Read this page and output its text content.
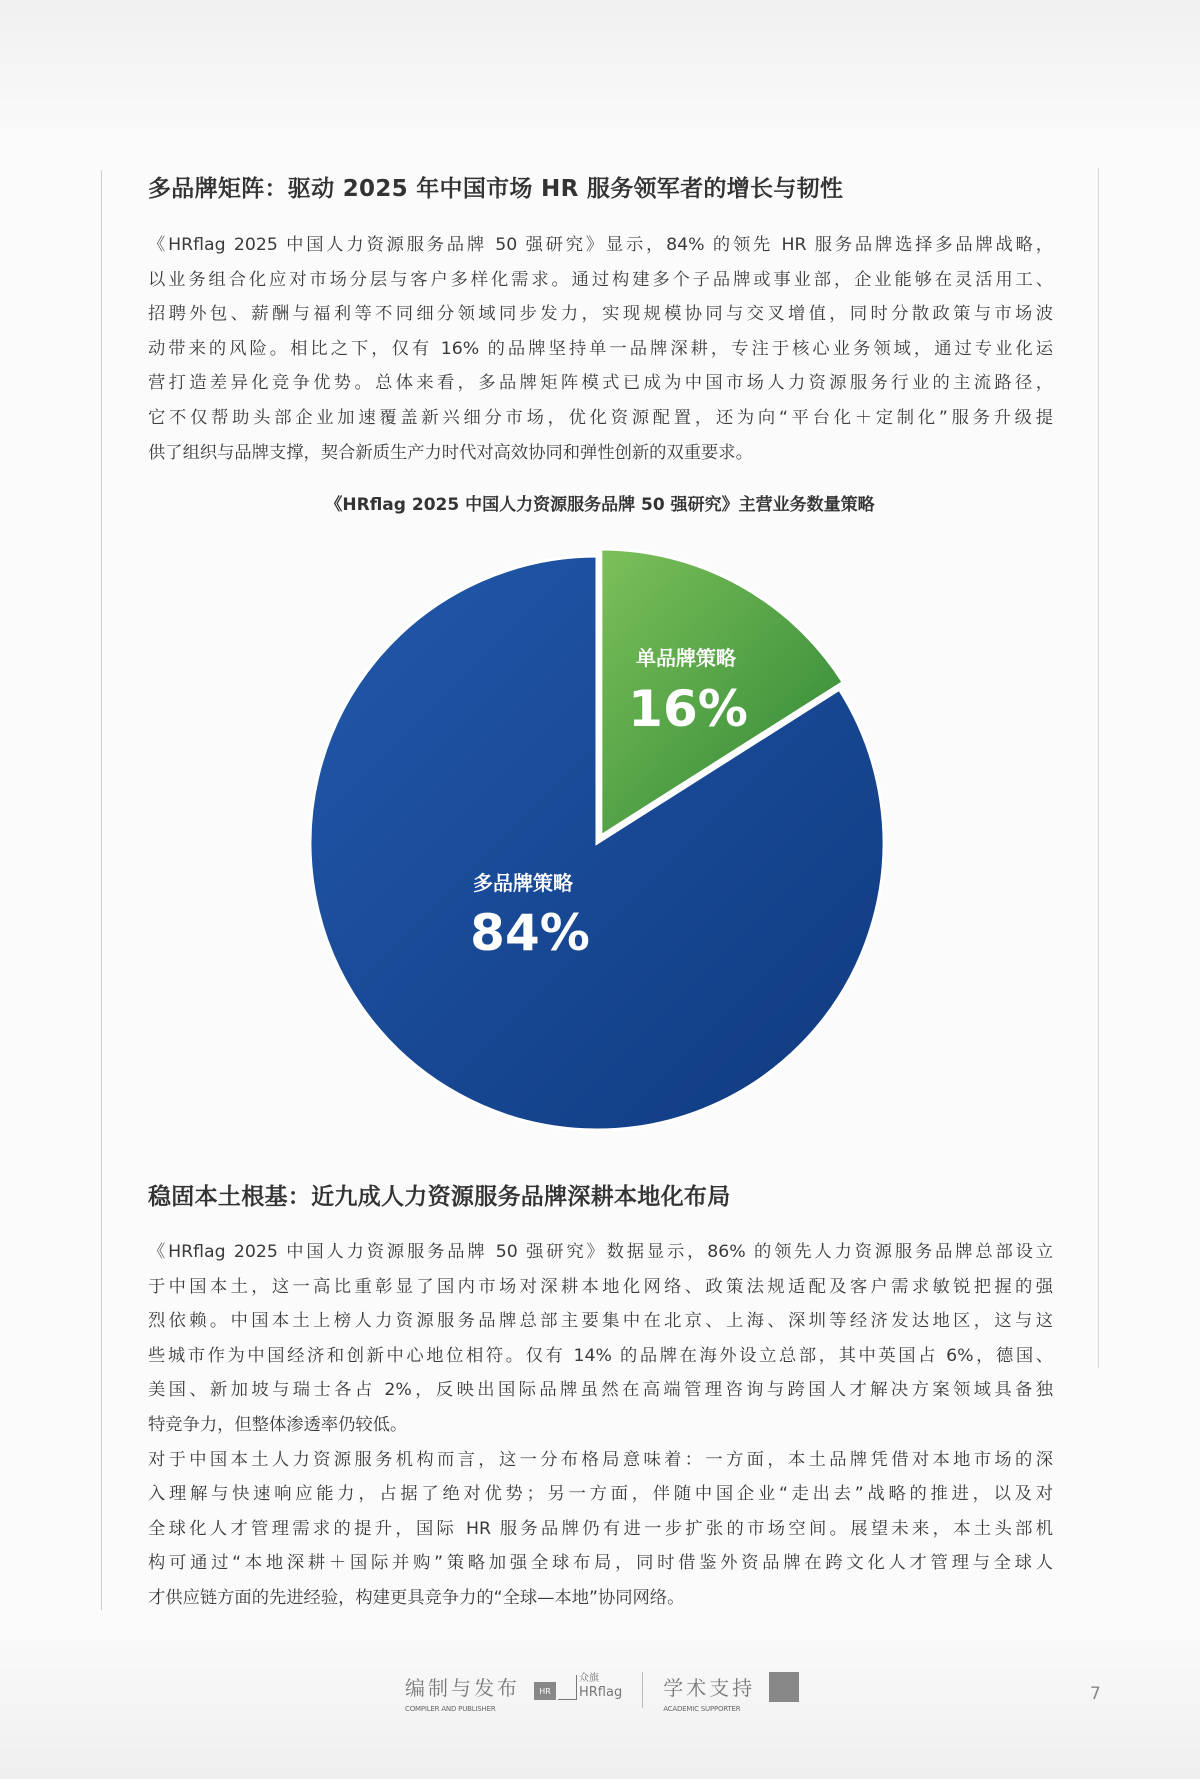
多品牌矩阵：驱动 2025 年中国市场 HR 服务领军者的增长与韧性
《HRflag 2025 中国人力资源服务品牌 50 强研究》显示，84% 的领先 HR 服务品牌选择多品牌战略，
以业务组合化应对市场分层与客户多样化需求。通过构建多个子品牌或事业部，企业能够在灵活用工、
招聘外包、薪酬与福利等不同细分领域同步发力，实现规模协同与交叉增值，同时分散政策与市场波
动带来的风险。相比之下，仅有 16% 的品牌坚持单一品牌深耕，专注于核心业务领域，通过专业化运
营打造差异化竞争优势。总体来看，多品牌矩阵模式已成为中国市场人力资源服务行业的主流路径，
它不仅帮助头部企业加速覆盖新兴细分市场，优化资源配置，还为向“平台化＋定制化”服务升级提
供了组织与品牌支撑，契合新质生产力时代对高效协同和弹性创新的双重要求。
《HRflag 2025 中国人力资源服务品牌 50 强研究》主营业务数量策略
单品牌策略
16%
多品牌策略
84%
稳固本土根基：近九成人力资源服务品牌深耕本地化布局
《HRflag 2025 中国人力资源服务品牌 50 强研究》数据显示，86% 的领先人力资源服务品牌总部设立
于中国本土，这一高比重彰显了国内市场对深耕本地化网络、政策法规适配及客户需求敏锐把握的强
烈依赖。中国本土上榜人力资源服务品牌总部主要集中在北京、上海、深圳等经济发达地区，这与这
些城市作为中国经济和创新中心地位相符。仅有 14% 的品牌在海外设立总部，其中英国占 6%，德国、
美国、新加坡与瑞士各占 2%，反映出国际品牌虽然在高端管理咨询与跨国人才解决方案领域具备独
特竞争力，但整体渗透率仍较低。
对于中国本土人力资源服务机构而言，这一分布格局意味着：一方面，本土品牌凭借对本地市场的深
入理解与快速响应能力，占据了绝对优势；另一方面，伴随中国企业“走出去”战略的推进，以及对
全球化人才管理需求的提升，国际 HR 服务品牌仍有进一步扩张的市场空间。展望未来，本土头部机
构可通过“本地深耕＋国际并购”策略加强全球布局，同时借鉴外资品牌在跨文化人才管理与全球人
才供应链方面的先进经验，构建更具竞争力的“全球—本地”协同网络。
编制与发布
COMPILER AND PUBLISHER
HR
众旗
HRflag 学术支持
ACADEMIC SUPPORTER
7
